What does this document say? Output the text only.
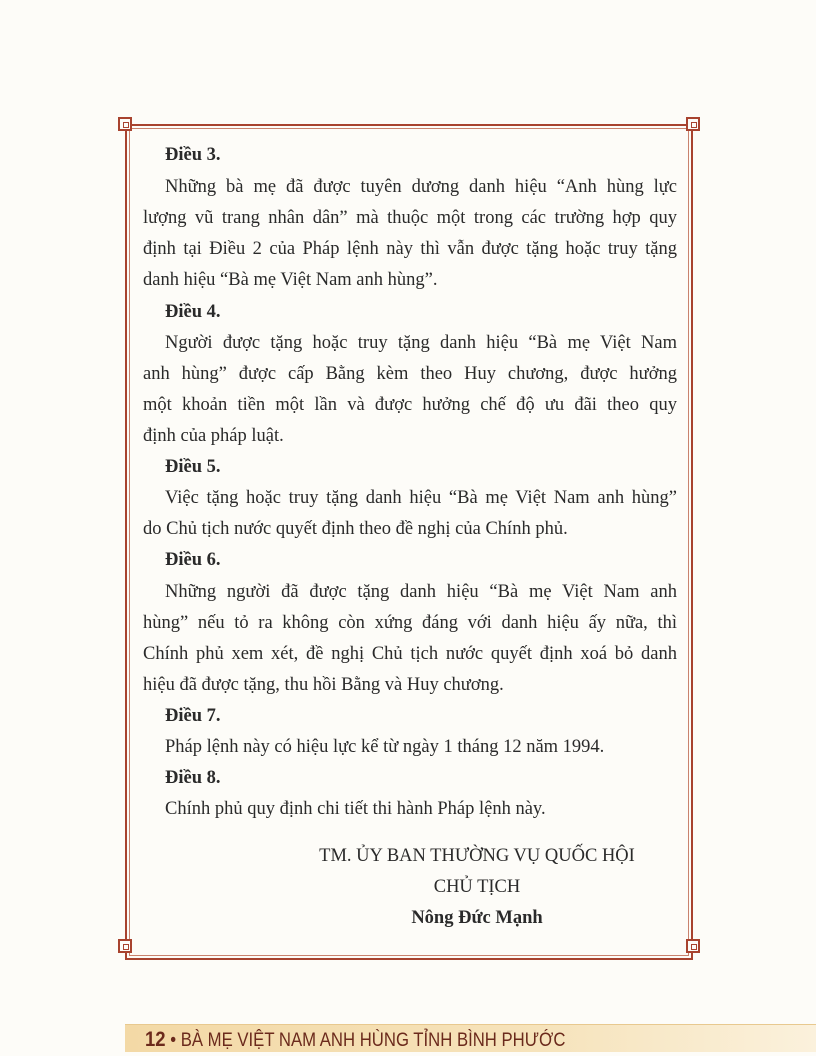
Điều 3.
Những bà mẹ đã được tuyên dương danh hiệu “Anh hùng lực
lượng vũ trang nhân dân” mà thuộc một trong các trường hợp quy
định tại Điều 2 của Pháp lệnh này thì vẫn được tặng hoặc truy tặng
danh hiệu “Bà mẹ Việt Nam anh hùng”.
Điều 4.
Người được tặng hoặc truy tặng danh hiệu “Bà mẹ Việt Nam
anh hùng” được cấp Bằng kèm theo Huy chương, được hưởng
một khoản tiền một lần và được hưởng chế độ ưu đãi theo quy
định của pháp luật.
Điều 5.
Việc tặng hoặc truy tặng danh hiệu “Bà mẹ Việt Nam anh hùng”
do Chủ tịch nước quyết định theo đề nghị của Chính phủ.
Điều 6.
Những người đã được tặng danh hiệu “Bà mẹ Việt Nam anh
hùng” nếu tỏ ra không còn xứng đáng với danh hiệu ấy nữa, thì
Chính phủ xem xét, đề nghị Chủ tịch nước quyết định xoá bỏ danh
hiệu đã được tặng, thu hồi Bằng và Huy chương.
Điều 7.
Pháp lệnh này có hiệu lực kể từ ngày 1 tháng 12 năm 1994.
Điều 8.
Chính phủ quy định chi tiết thi hành Pháp lệnh này.
TM. ỦY BAN THƯỜNG VỤ QUỐC HỘI
CHỦ TỊCH
Nông Đức Mạnh
12 • BÀ MẸ VIỆT NAM ANH HÙNG TỈNH BÌNH PHƯỚC
